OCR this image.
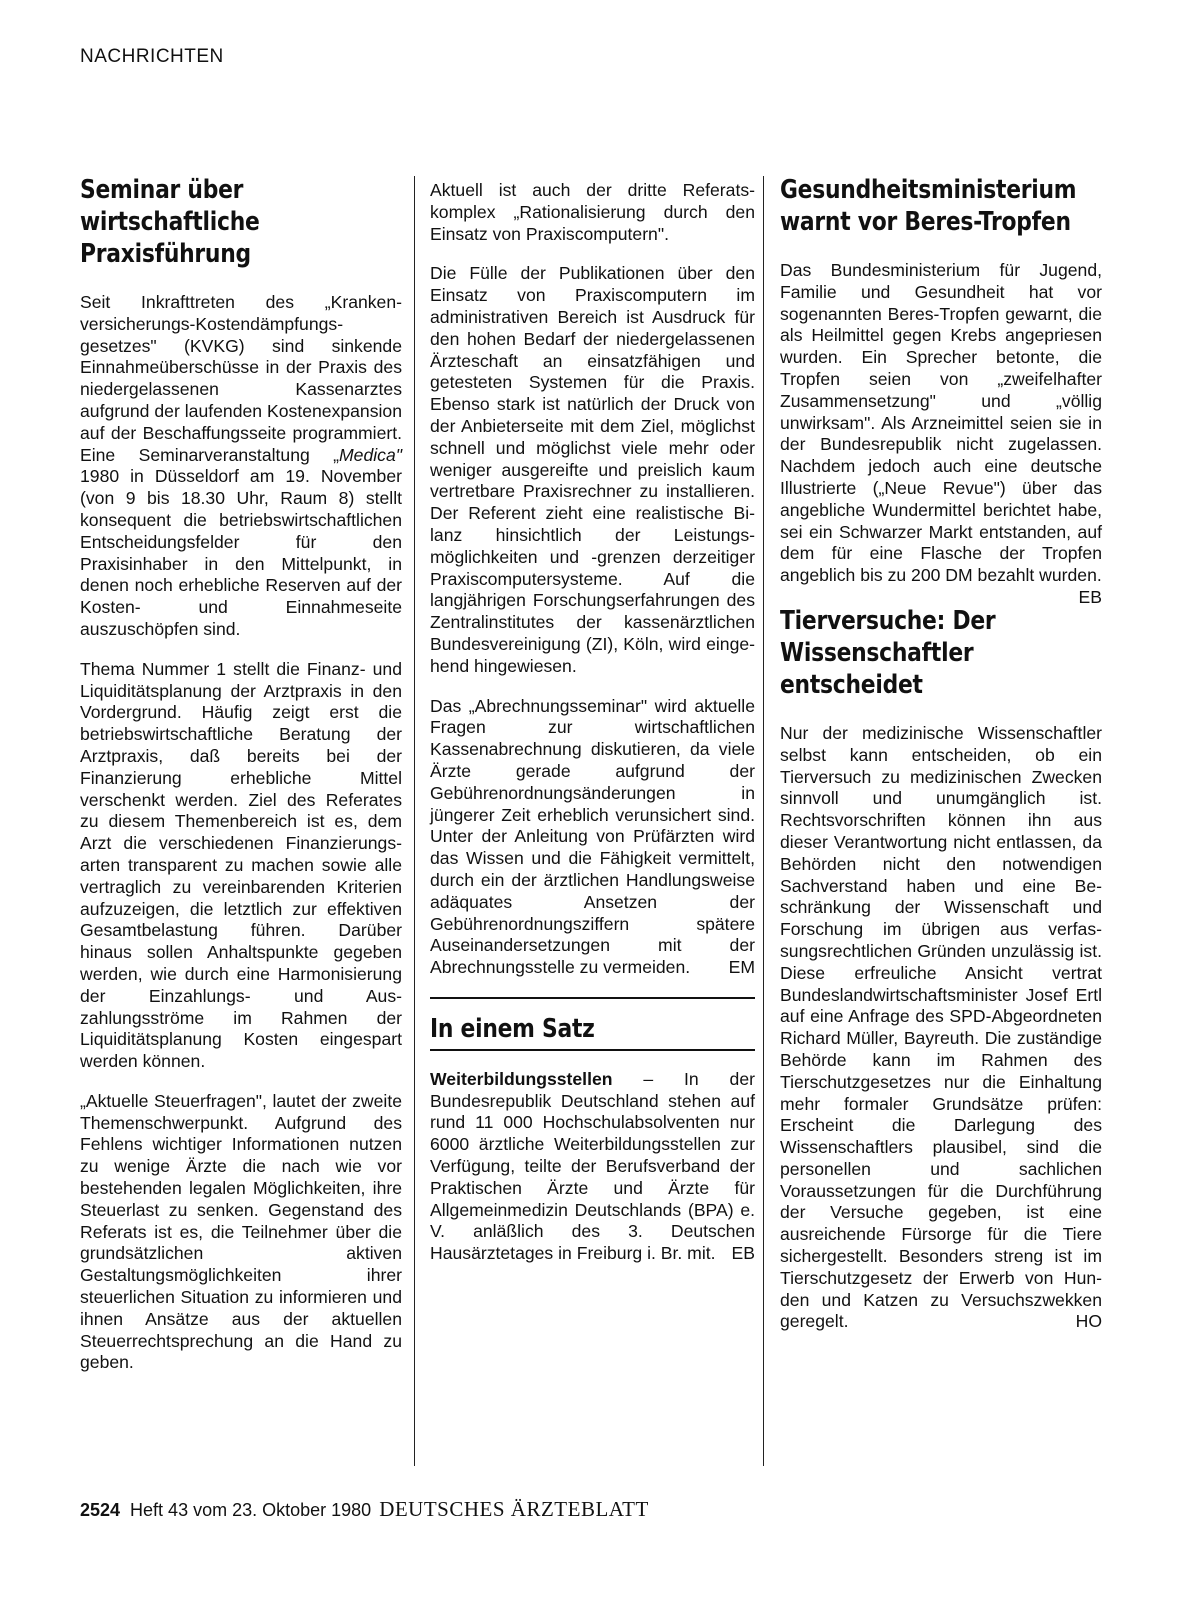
NACHRICHTEN
Seminar über wirtschaftliche Praxisführung

Seit Inkrafttreten des „Krankenversicherungs-Kostendämpfungsgesetzes" (KVKG) sind sinkende Einnahmeüberschüsse in der Praxis des niedergelassenen Kassenarztes aufgrund der laufenden Kostenexpansion auf der Beschaffungsseite programmiert. Eine Seminarveranstaltung „Medica" 1980 in Düsseldorf am 19. November (von 9 bis 18.30 Uhr, Raum 8) stellt konsequent die betriebswirtschaftlichen Entscheidungsfelder für den Praxisinhaber in den Mittelpunkt, in denen noch erhebliche Reserven auf der Kosten- und Einnahmeseite auszuschöpfen sind.

Thema Nummer 1 stellt die Finanz- und Liquiditätsplanung der Arztpraxis in den Vordergrund. Häufig zeigt erst die betriebswirtschaftliche Beratung der Arztpraxis, daß bereits bei der Finanzierung erhebliche Mittel verschenkt werden. Ziel des Referates zu diesem Themenbereich ist es, dem Arzt die verschiedenen Finanzierungsarten transparent zu machen sowie alle vertraglich zu vereinbarenden Kriterien aufzuzeigen, die letztlich zur effektiven Gesamtbelastung führen. Darüber hinaus sollen Anhaltspunkte gegeben werden, wie durch eine Harmonisierung der Einzahlungs- und Auszahlungsströme im Rahmen der Liquiditätsplanung Kosten eingespart werden können.

„Aktuelle Steuerfragen", lautet der zweite Themenschwerpunkt. Aufgrund des Fehlens wichtiger Informationen nutzen zu wenige Ärzte die nach wie vor bestehenden legalen Möglichkeiten, ihre Steuerlast zu senken. Gegenstand des Referats ist es, die Teilnehmer über die grundsätzlichen aktiven Gestaltungsmöglichkeiten ihrer steuerlichen Situation zu informieren und ihnen Ansätze aus der aktuellen Steuerrechtsprechung an die Hand zu geben.

Aktuell ist auch der dritte Referatskomplex „Rationalisierung durch den Einsatz von Praxiscomputern".

Die Fülle der Publikationen über den Einsatz von Praxiscomputern im administrativen Bereich ist Ausdruck für den hohen Bedarf der niedergelassenen Ärzteschaft an einsatzfähigen und getesteten Systemen für die Praxis. Ebenso stark ist natürlich der Druck von der Anbieterseite mit dem Ziel, möglichst schnell und möglichst viele mehr oder weniger ausgereifte und preislich kaum vertretbare Praxisrechner zu installieren. Der Referent zieht eine realistische Bilanz hinsichtlich der Leistungsmöglichkeiten und -grenzen derzeitiger Praxiscomputersysteme. Auf die langjährigen Forschungserfahrungen des Zentralinstitutes der kassenärztlichen Bundesvereinigung (ZI), Köln, wird eingehend hingewiesen.

Das „Abrechnungsseminar" wird aktuelle Fragen zur wirtschaftlichen Kassenabrechnung diskutieren, da viele Ärzte gerade aufgrund der Gebührenordnungsänderungen in jüngerer Zeit erheblich verunsichert sind. Unter der Anleitung von Prüfärzten wird das Wissen und die Fähigkeit vermittelt, durch ein der ärztlichen Handlungsweise adäquates Ansetzen der Gebührenordnungsziffern spätere Auseinandersetzungen mit der Abrechnungsstelle zu vermeiden. EM

In einem Satz

Weiterbildungsstellen – In der Bundesrepublik Deutschland stehen auf rund 11 000 Hochschulabsolventen nur 6000 ärztliche Weiterbildungsstellen zur Verfügung, teilte der Berufsverband der Praktischen Ärzte und Ärzte für Allgemeinmedizin Deutschlands (BPA) e. V. anläßlich des 3. Deutschen Hausärztetages in Freiburg i. Br. mit. EB

Gesundheitsministerium warnt vor Beres-Tropfen

Das Bundesministerium für Jugend, Familie und Gesundheit hat vor sogenannten Beres-Tropfen gewarnt, die als Heilmittel gegen Krebs angepriesen wurden. Ein Sprecher betonte, die Tropfen seien von „zweifelhafter Zusammensetzung" und „völlig unwirksam". Als Arzneimittel seien sie in der Bundesrepublik nicht zugelassen. Nachdem jedoch auch eine deutsche Illustrierte („Neue Revue") über das angebliche Wundermittel berichtet habe, sei ein Schwarzer Markt entstanden, auf dem für eine Flasche der Tropfen angeblich bis zu 200 DM bezahlt wurden.
EB

Tierversuche: Der Wissenschaftler entscheidet

Nur der medizinische Wissenschaftler selbst kann entscheiden, ob ein Tierversuch zu medizinischen Zwecken sinnvoll und unumgänglich ist. Rechtsvorschriften können ihn aus dieser Verantwortung nicht entlassen, da Behörden nicht den notwendigen Sachverstand haben und eine Beschränkung der Wissenschaft und Forschung im übrigen aus verfassungsrechtlichen Gründen unzulässig ist. Diese erfreuliche Ansicht vertrat Bundeslandwirtschaftsminister Josef Ertl auf eine Anfrage des SPD-Abgeordneten Richard Müller, Bayreuth. Die zuständige Behörde kann im Rahmen des Tierschutzgesetzes nur die Einhaltung mehr formaler Grundsätze prüfen: Erscheint die Darlegung des Wissenschaftlers plausibel, sind die personellen und sachlichen Voraussetzungen für die Durchführung der Versuche gegeben, ist eine ausreichende Fürsorge für die Tiere sichergestellt. Besonders streng ist im Tierschutzgesetz der Erwerb von Hunden und Katzen zu Versuchszwekken geregelt.	HO

2524 Heft 43 vom 23. Oktober 1980 DEUTSCHES ÄRZTEBLATT
